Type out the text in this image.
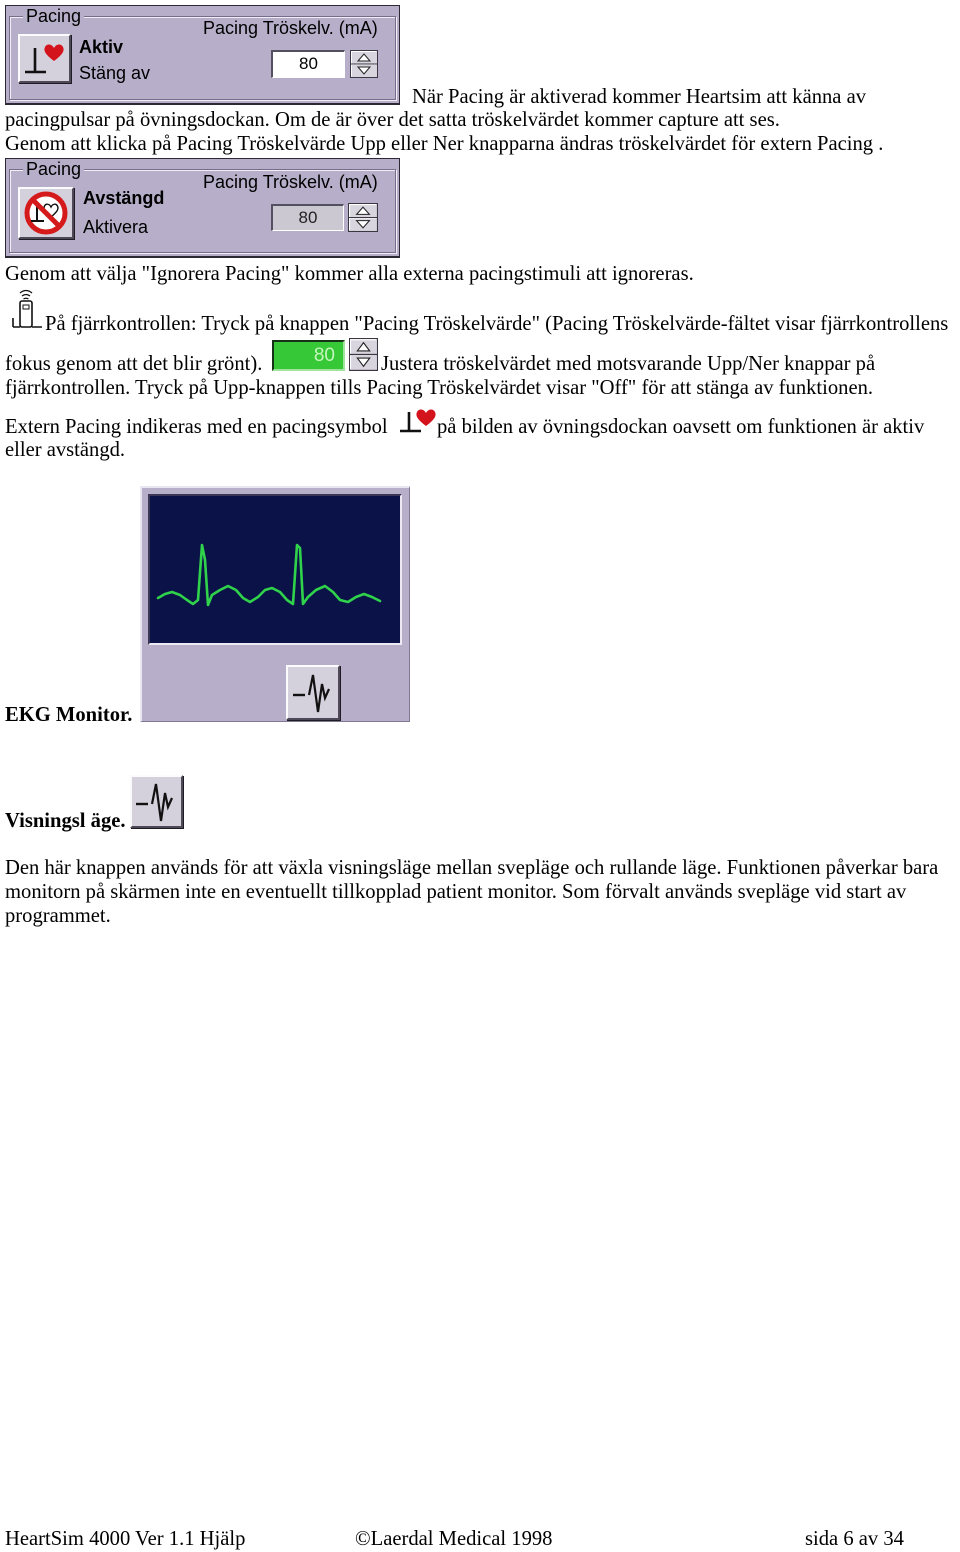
Pacing
Aktiv
Stäng av
Pacing Tröskelv. (mA)
80
När Pacing är aktiverad kommer Heartsim att känna av
pacingpulsar på övningsdockan. Om de är över det satta tröskelvärdet kommer capture att ses.
Genom att klicka på Pacing Tröskelvärde Upp eller Ner knapparna ändras tröskelvärdet för extern Pacing .
Pacing
Avstängd
Aktivera
Pacing Tröskelv. (mA)
80
Genom att välja "Ignorera Pacing" kommer alla externa pacingstimuli att ignoreras.
På fjärrkontrollen: Tryck på knappen "Pacing Tröskelvärde" (Pacing Tröskelvärde-fältet visar fjärrkontrollens
fokus genom att det blir grönt).	80	Justera tröskelvärdet med motsvarande Upp/Ner knappar på
fjärrkontrollen. Tryck på Upp-knappen tills Pacing Tröskelvärdet visar "Off" för att stänga av funktionen.
Extern Pacing indikeras med en pacingsymbol på bilden av övningsdockan oavsett om funktionen är aktiv
eller avstängd.
EKG Monitor.
Visningsl äge.
Den här knappen används för att växla visningsläge mellan svepläge och rullande läge. Funktionen påverkar bara
monitorn på skärmen inte en eventuellt tillkopplad patient monitor. Som förvalt används svepläge vid start av
programmet.
HeartSim 4000 Ver 1.1 Hjälp	©Laerdal Medical 1998	sida 6 av 34
